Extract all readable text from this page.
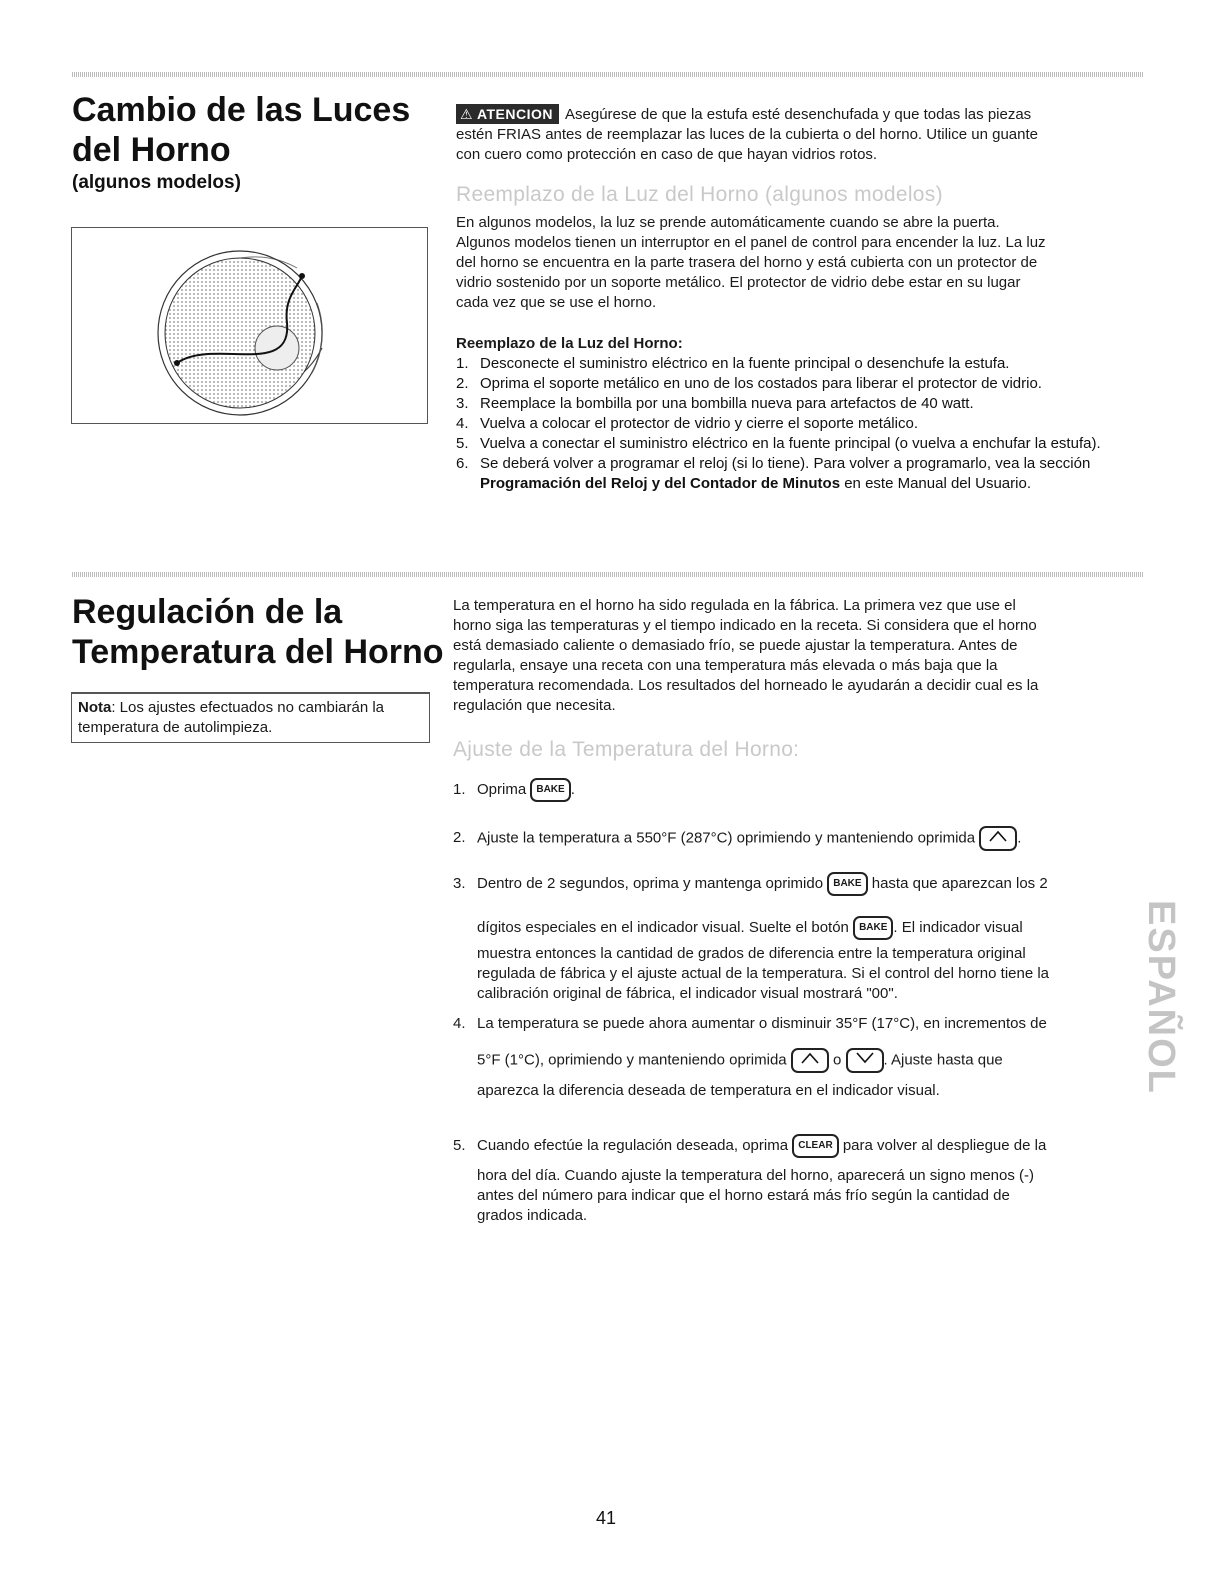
Cambio de las Luces
del Horno
(algunos modelos)
⚠ ATENCION Asegúrese de que la estufa esté desenchufada y que todas las piezas
estén FRIAS antes de reemplazar las luces de la cubierta o del horno. Utilice un guante
con cuero como protección en caso de que hayan vidrios rotos.
Reemplazo de la Luz del Horno (algunos modelos)
En algunos modelos, la luz se prende automáticamente cuando se abre la puerta.
Algunos modelos tienen un interruptor en el panel de control para encender la luz. La luz
del horno se encuentra en la parte trasera del horno y está cubierta con un protector de
vidrio sostenido por un soporte metálico. El protector de vidrio debe estar en su lugar
cada vez que se use el horno.
Reemplazo de la Luz del Horno:
1. Desconecte el suministro eléctrico en la fuente principal o desenchufe la estufa.
2. Oprima el soporte metálico en uno de los costados para liberar el protector de vidrio.
3. Reemplace la bombilla por una bombilla nueva para artefactos de 40 watt.
4. Vuelva a colocar el protector de vidrio y cierre el soporte metálico.
5. Vuelva a conectar el suministro eléctrico en la fuente principal (o vuelva a enchufar la estufa).
6. Se deberá volver a programar el reloj (si lo tiene). Para volver a programarlo, vea la sección Programación del Reloj y del Contador de Minutos en este Manual del Usuario.
Regulación de la
Temperatura del Horno
Nota: Los ajustes efectuados no cambiarán la temperatura de autolimpieza.
La temperatura en el horno ha sido regulada en la fábrica. La primera vez que use el
horno siga las temperaturas y el tiempo indicado en la receta. Si considera que el horno
está demasiado caliente o demasiado frío, se puede ajustar la temperatura. Antes de
regularla, ensaye una receta con una temperatura más elevada o más baja que la
temperatura recomendada. Los resultados del horneado le ayudarán a decidir cual es la
regulación que necesita.
Ajuste de la Temperatura del Horno:
1. Oprima BAKE .
2. Ajuste la temperatura a 550°F (287°C) oprimiendo y manteniendo oprimida	.
3. Dentro de 2 segundos, oprima y mantenga oprimido BAKE hasta que aparezcan los 2
dígitos especiales en el indicador visual. Suelte el botón BAKE . El indicador visual
muestra entonces la cantidad de grados de diferencia entre la temperatura original
regulada de fábrica y el ajuste actual de la temperatura. Si el control del horno tiene la
calibración original de fábrica, el indicador visual mostrará "00".
4. La temperatura se puede ahora aumentar o disminuir 35°F (17°C), en incrementos de
5°F (1°C), oprimiendo y manteniendo oprimida	o	. Ajuste hasta que
aparezca la diferencia deseada de temperatura en el indicador visual.
5. Cuando efectúe la regulación deseada, oprima CLEAR para volver al despliegue de la
hora del día. Cuando ajuste la temperatura del horno, aparecerá un signo menos (-)
antes del número para indicar que el horno estará más frío según la cantidad de
grados indicada.
ESPAÑOL
41
